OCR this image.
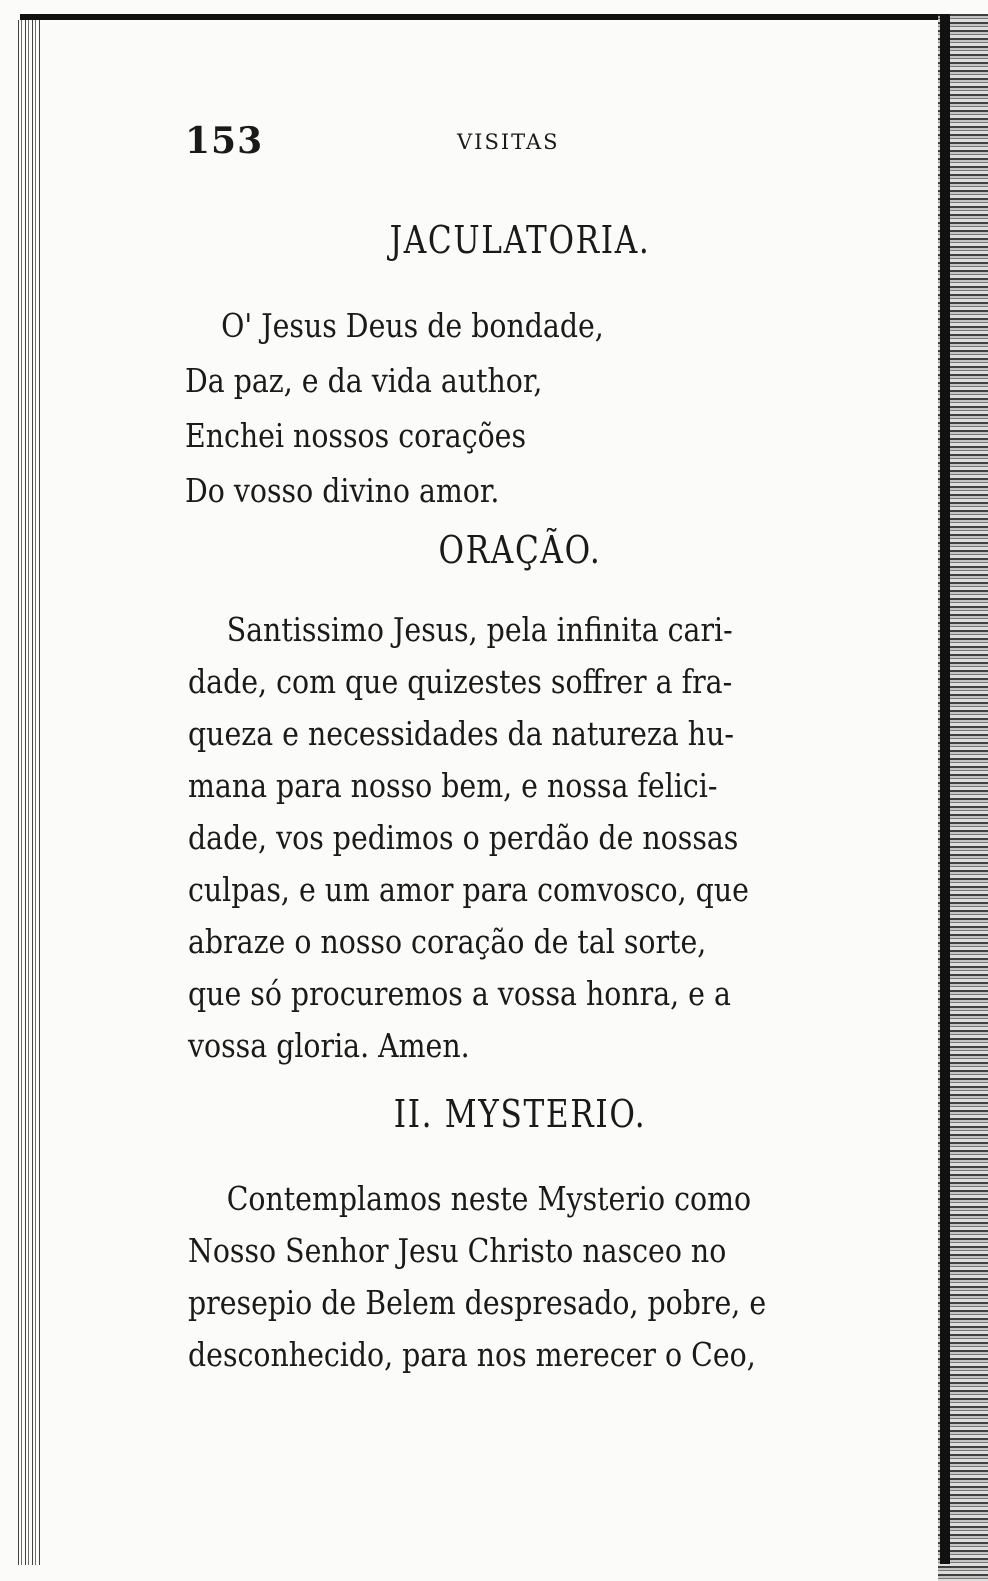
153	VISITAS
JACULATORIA.
O' Jesus Deus de bondade,
Da paz, e da vida author,
Enchei nossos corações
Do vosso divino amor.
ORAÇÃO.
Santissimo Jesus, pela infinita cari-
dade, com que quizestes soffrer a fra-
queza e necessidades da natureza hu-
mana para nosso bem, e nossa felici-
dade, vos pedimos o perdão de nossas
culpas, e um amor para comvosco, que
abraze o nosso coração de tal sorte,
que só procuremos a vossa honra, e a
vossa gloria. Amen.
II. MYSTERIO.
Contemplamos neste Mysterio como
Nosso Senhor Jesu Christo nasceo no
presepio de Belem despresado, pobre, e
desconhecido, para nos merecer o Ceo,
